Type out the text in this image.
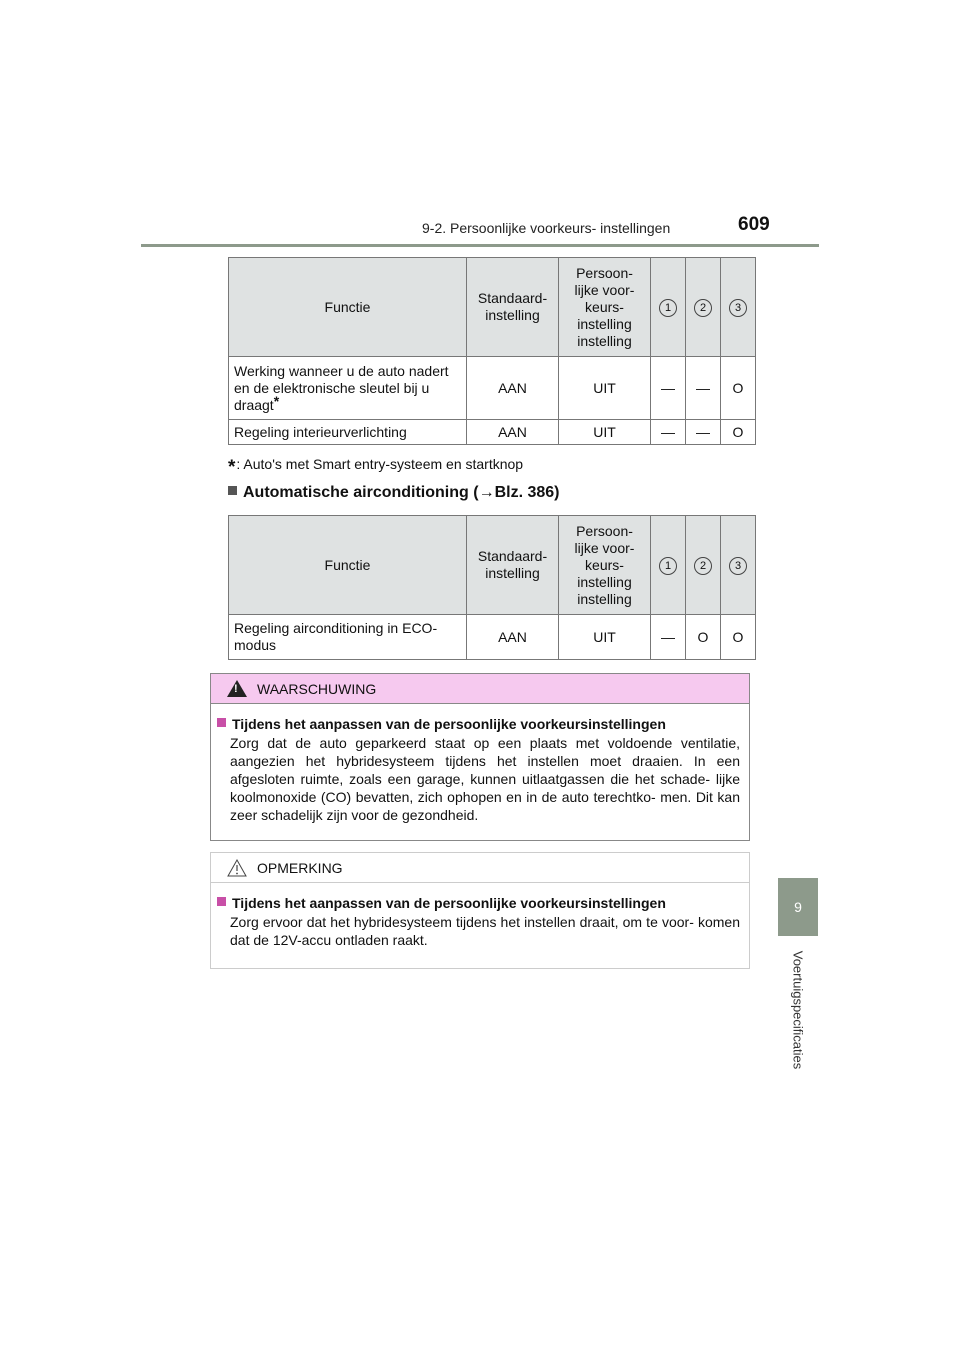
9-2. Persoonlijke voorkeurs- instellingen	609
9
Voertuigspecificaties
Functie	Standaard- instelling	Persoon- lijke voor- keurs- instelling instelling	1	2	3
Werking wanneer u de auto nadert en de elektronische sleutel bij u draagt*	AAN	UIT	—	—	O
Regeling interieurverlichting	AAN	UIT	—	—	O
*: Auto's met Smart entry-systeem en startknop
Automatische airconditioning (→Blz. 386)
Functie	Standaard- instelling	Persoon- lijke voor- keurs- instelling instelling	1	2	3
Regeling airconditioning in ECO-modus	AAN	UIT	—	O	O
!
WAARSCHUWING
Tijdens het aanpassen van de persoonlijke voorkeursinstellingen
Zorg dat de auto geparkeerd staat op een plaats met voldoende ventilatie, aangezien het hybridesysteem tijdens het instellen moet draaien. In een afgesloten ruimte, zoals een garage, kunnen uitlaatgassen die het schade- lijke koolmonoxide (CO) bevatten, zich ophopen en in de auto terechtko- men. Dit kan zeer schadelijk zijn voor de gezondheid.
OPMERKING
Tijdens het aanpassen van de persoonlijke voorkeursinstellingen
Zorg ervoor dat het hybridesysteem tijdens het instellen draait, om te voor- komen dat de 12V-accu ontladen raakt.
